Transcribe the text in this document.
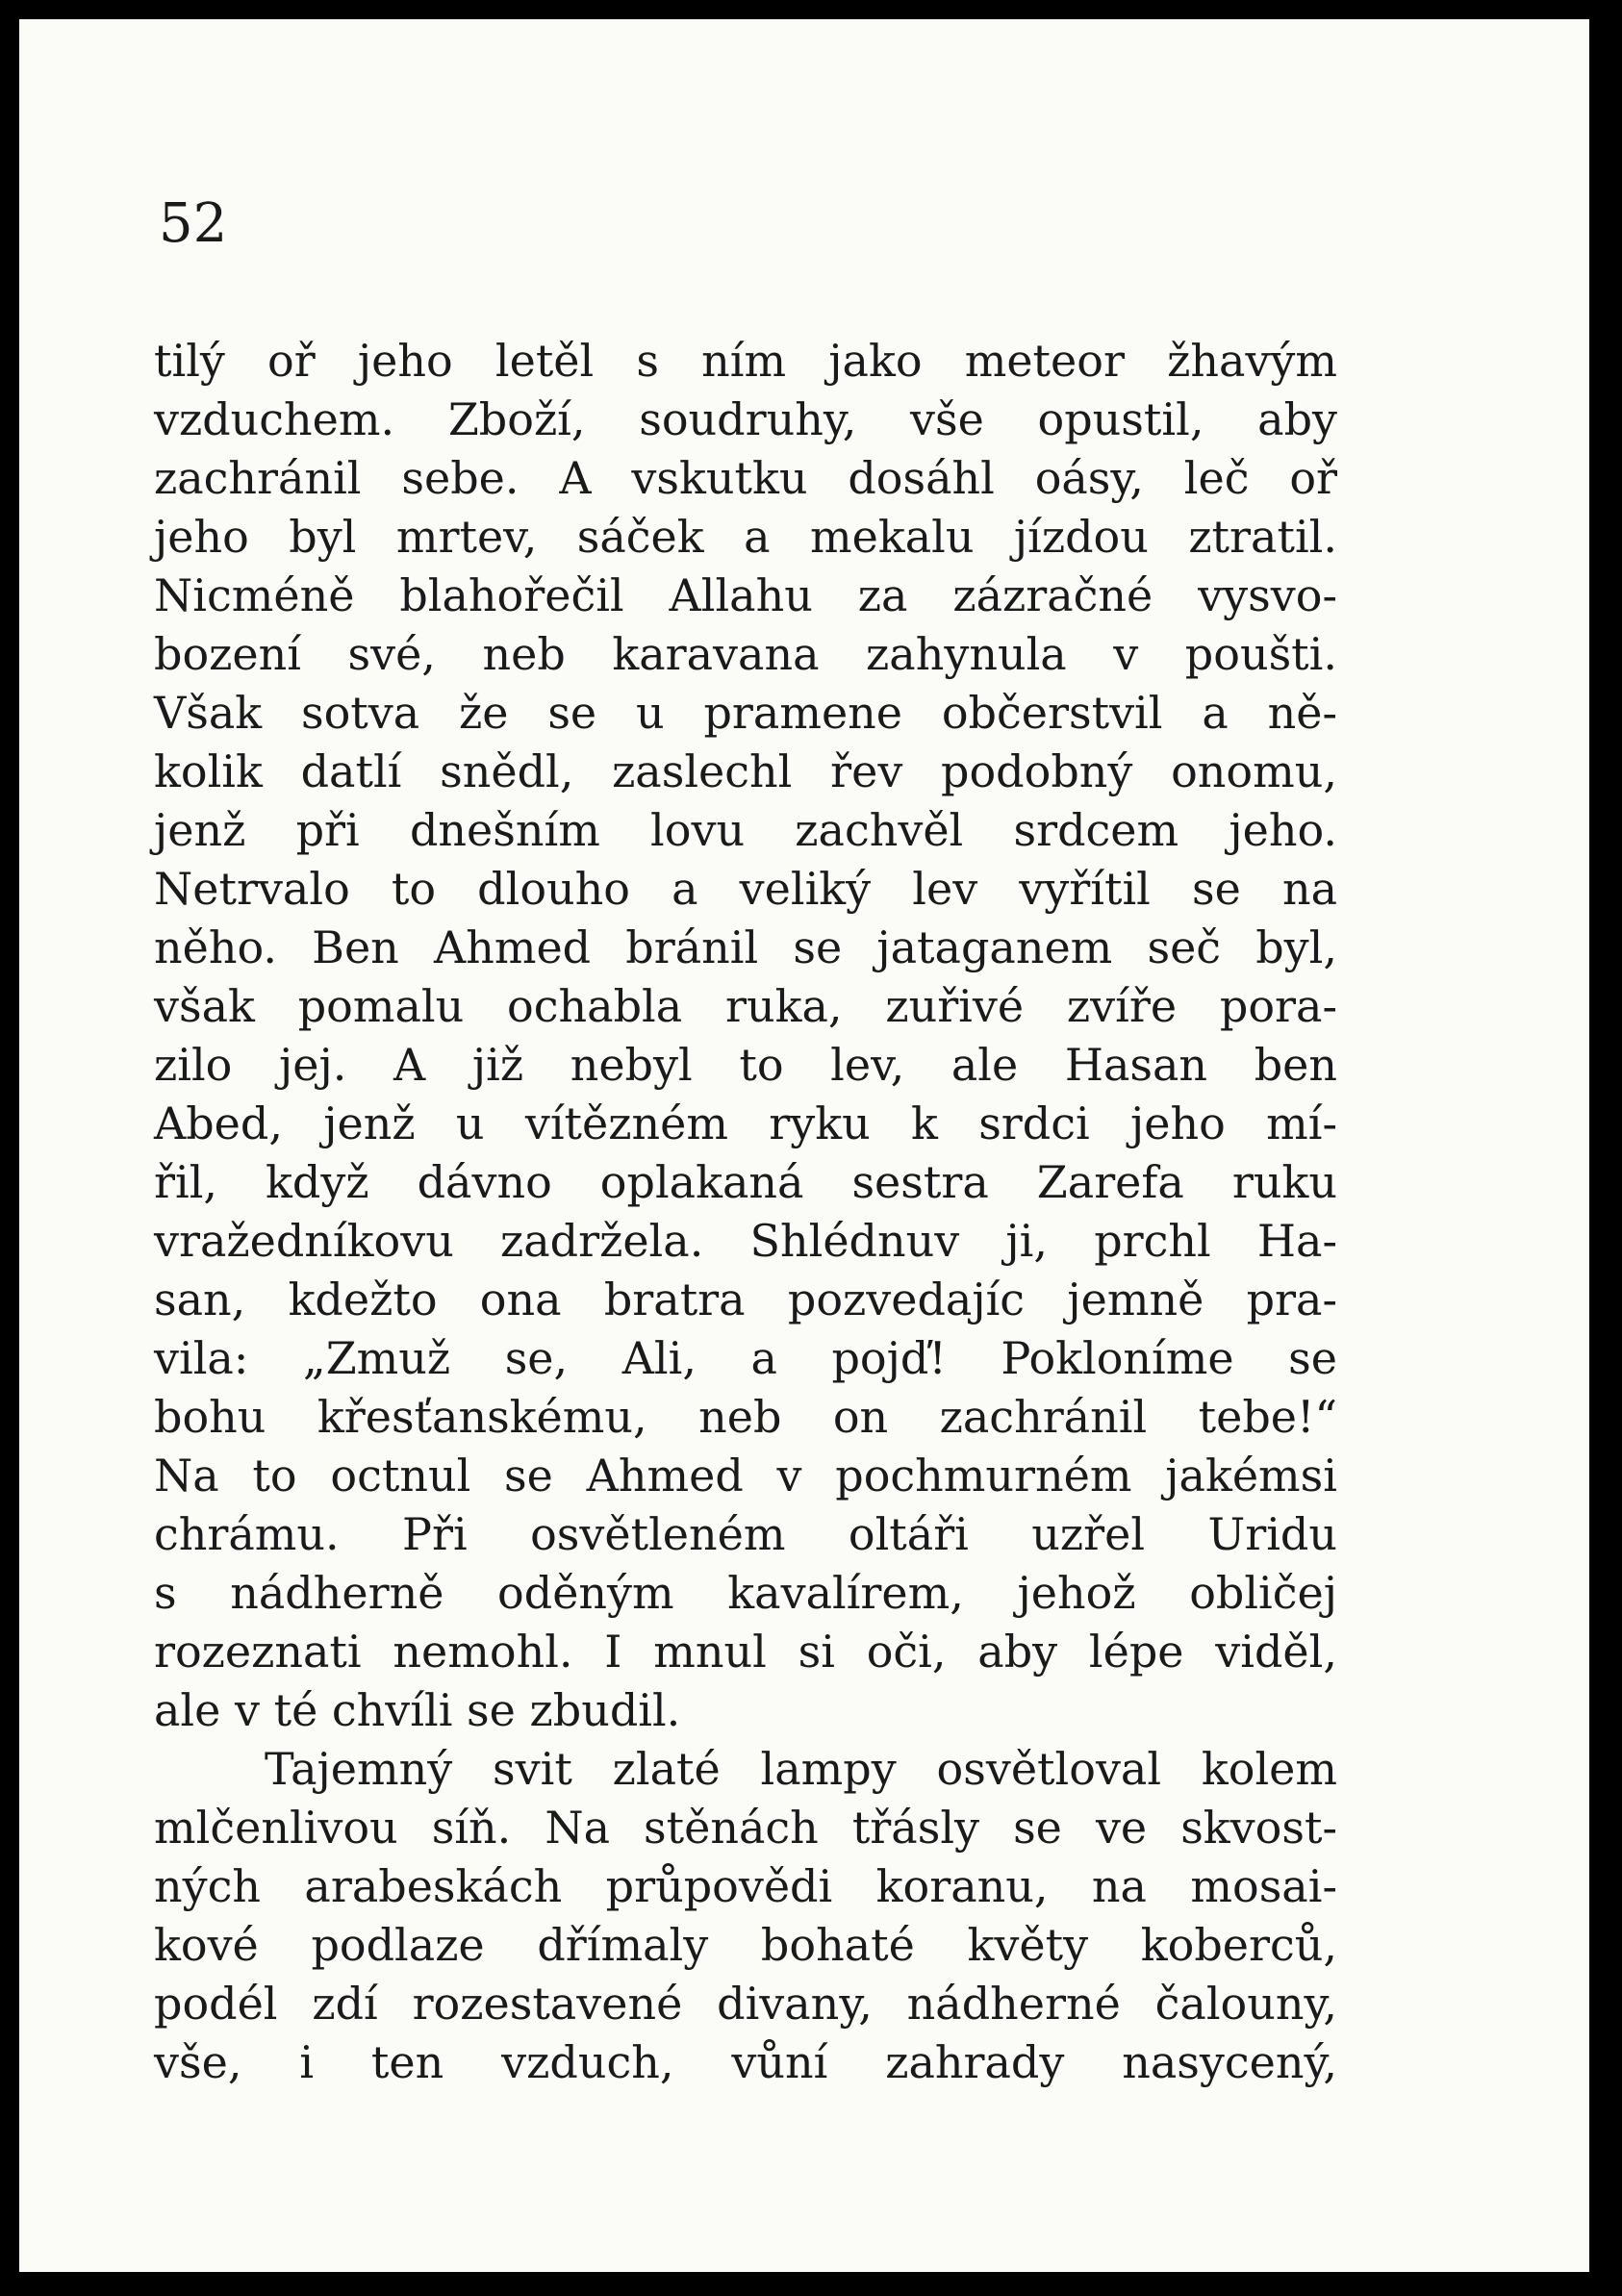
52
tilý oř jeho letěl s ním jako meteor žhavým
vzduchem. Zboží, soudruhy, vše opustil, aby
zachránil sebe. A vskutku dosáhl oásy, leč oř
jeho byl mrtev, sáček a mekalu jízdou ztratil.
Nicméně blahořečil Allahu za zázračné vysvo-
bození své, neb karavana zahynula v poušti.
Však sotva že se u pramene občerstvil a ně-
kolik datlí snědl, zaslechl řev podobný onomu,
jenž při dnešním lovu zachvěl srdcem jeho.
Netrvalo to dlouho a veliký lev vyřítil se na
něho. Ben Ahmed bránil se jataganem seč byl,
však pomalu ochabla ruka, zuřivé zvíře pora-
zilo jej. A již nebyl to lev, ale Hasan ben
Abed, jenž u vítězném ryku k srdci jeho mí-
řil, když dávno oplakaná sestra Zarefa ruku
vražedníkovu zadržela. Shlédnuv ji, prchl Ha-
san, kdežto ona bratra pozvedajíc jemně pra-
vila: „Zmuž se, Ali, a pojď! Pokloníme se
bohu křesťanskému, neb on zachránil tebe!“
Na to octnul se Ahmed v pochmurném jakémsi
chrámu. Při osvětleném oltáři uzřel Uridu
s nádherně oděným kavalírem, jehož obličej
rozeznati nemohl. I mnul si oči, aby lépe viděl,
ale v té chvíli se zbudil.
Tajemný svit zlaté lampy osvětloval kolem
mlčenlivou síň. Na stěnách třásly se ve skvost-
ných arabeskách průpovědi koranu, na mosai-
kové podlaze dřímaly bohaté květy koberců,
podél zdí rozestavené divany, nádherné čalouny,
vše, i ten vzduch, vůní zahrady nasycený,
